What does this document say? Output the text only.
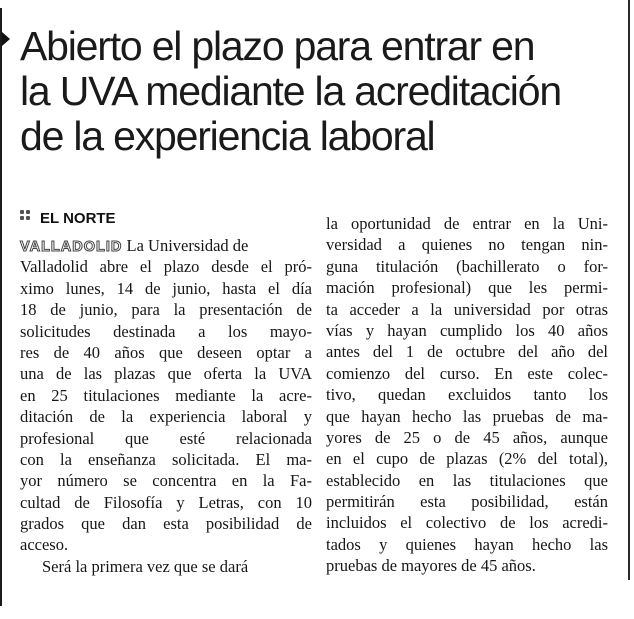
Abierto el plazo para entrar en
la UVA mediante la acreditación
de la experiencia laboral
EL NORTE
VALLADOLID La Universidad de
Valladolid abre el plazo desde el pró-
ximo lunes, 14 de junio, hasta el día
18 de junio, para la presentación de
solicitudes destinada a los mayo-
res de 40 años que deseen optar a
una de las plazas que oferta la UVA
en 25 titulaciones mediante la acre-
ditación de la experiencia laboral y
profesional que esté relacionada
con la enseñanza solicitada. El ma-
yor número se concentra en la Fa-
cultad de Filosofía y Letras, con 10
grados que dan esta posibilidad de
acceso.
Será la primera vez que se dará
la oportunidad de entrar en la Uni-
versidad a quienes no tengan nin-
guna titulación (bachillerato o for-
mación profesional) que les permi-
ta acceder a la universidad por otras
vías y hayan cumplido los 40 años
antes del 1 de octubre del año del
comienzo del curso. En este colec-
tivo, quedan excluidos tanto los
que hayan hecho las pruebas de ma-
yores de 25 o de 45 años, aunque
en el cupo de plazas (2% del total),
establecido en las titulaciones que
permitirán esta posibilidad, están
incluidos el colectivo de los acredi-
tados y quienes hayan hecho las
pruebas de mayores de 45 años.
